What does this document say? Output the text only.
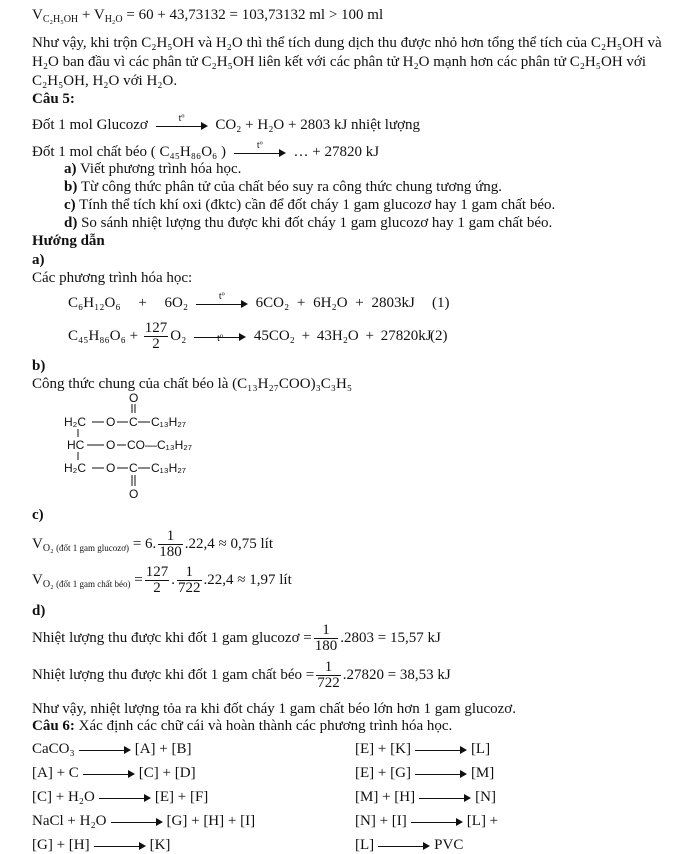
$V_{C_2H_5OH} + V_{H_2O} = 60 + 43,73132 = 103,73132$ ml > 100 ml
Như vậy, khi trộn C₂H₅OH và H₂O thì thể tích dung dịch thu được nhỏ hơn tổng thể tích của C₂H₅OH và
H₂O ban đầu vì các phân tử C₂H₅OH liên kết với các phân tử H₂O mạnh hơn các phân tử C₂H₅OH với
C₂H₅OH, H₂O với H₂O.
Câu 5:
Đốt 1 mol Glucozơ	tº	CO₂ + H₂O + 2803 kJ nhiệt lượng
Đốt 1 mol chất béo ( C₄₅H₈₆O₆ )	tº	… + 27820 kJ
a) Viết phương trình hóa học.
b) Từ công thức phân tử của chất béo suy ra công thức chung tương ứng.
c) Tính thể tích khí oxi (đktc) cần để đốt cháy 1 gam glucozơ hay 1 gam chất béo.
d) So sánh nhiệt lượng thu được khi đốt cháy 1 gam glucozơ hay 1 gam chất béo.
Hướng dẫn
a)
Các phương trình hóa học:
C₆H₁₂O₆ + 6O₂	tº	6CO₂ + 6H₂O + 2803kJ (1)
$C_{45}H_{86}O_6 + \frac{127}{2} O_2$	tº	45CO₂ + 43H₂O + 27820kJ
(2)
b)
Công thức chung của chất béo là (C₁₃H₂₇COO)₃C₃H₅
H₂C O C
O
C₁₃H₂₇
HC O CO—C₁₃H₂₇
H₂C O C
O
C₁₃H₂₇
c)
$V_{O_2 (đốt 1 gam glucozơ)} = 6$. $\frac{1}{180} .22,4 \approx 0,75$ lít
$V_{O_2 (đốt 1 gam chất béo)} = \frac{127}{2}$ . $\frac{1}{722} .22,4 \approx 1,97$ lít
d)
Nhiệt lượng thu được khi đốt 1 gam glucozơ = $\frac{1}{180} .2803 = 15,57$ kJ
Nhiệt lượng thu được khi đốt 1 gam chất béo = $\frac{1}{722} .27820 = 38,53$ kJ
Như vậy, nhiệt lượng tỏa ra khi đốt cháy 1 gam chất béo lớn hơn 1 gam glucozơ.
Câu 6: Xác định các chữ cái và hoàn thành các phương trình hóa học.
CaCO₃	[A] + [B]
[A] + C	[C] + [D]
[C] + H₂O	[E] + [F]
NaCl + H₂O	[G] + [H] + [I]
[G] + [H]	[K]
[E] + [K]	[L]
[E] + [G]	[M]
[M] + [H]	[N]
[N] + [I]	[L] +
[L]	PVC
